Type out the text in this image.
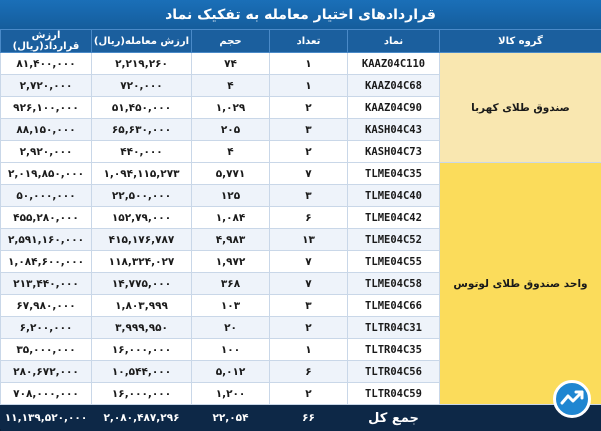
قراردادهای اختیار معامله به تفکیک نماد
گروه کالا	نماد	تعداد	حجم	ارزش معامله(ریال)	ارزش قرارداد(ریال)
صندوق طلای کهربا	KAAZ04C110	۱	۷۴	۲,۲۱۹,۲۶۰	۸۱,۴۰۰,۰۰۰
	KAAZ04C68	۱	۴	۷۲۰,۰۰۰	۲,۷۲۰,۰۰۰
	KAAZ04C90	۲	۱,۰۲۹	۵۱,۴۵۰,۰۰۰	۹۲۶,۱۰۰,۰۰۰
	KASH04C43	۳	۲۰۵	۶۵,۶۳۰,۰۰۰	۸۸,۱۵۰,۰۰۰
	KASH04C73	۲	۴	۴۴۰,۰۰۰	۲,۹۲۰,۰۰۰
واحد صندوق طلای لوتوس	TLME04C35	۷	۵,۷۷۱	۱,۰۹۴,۱۱۵,۲۷۳	۲,۰۱۹,۸۵۰,۰۰۰
	TLME04C40	۳	۱۲۵	۲۲,۵۰۰,۰۰۰	۵۰,۰۰۰,۰۰۰
	TLME04C42	۶	۱,۰۸۴	۱۵۲,۷۹,۰۰۰	۴۵۵,۲۸۰,۰۰۰
	TLME04C52	۱۳	۴,۹۸۳	۴۱۵,۱۷۶,۷۸۷	۲,۵۹۱,۱۶۰,۰۰۰
	TLME04C55	۷	۱,۹۷۲	۱۱۸,۳۲۴,۰۲۷	۱,۰۸۴,۶۰۰,۰۰۰
	TLME04C58	۷	۳۶۸	۱۴,۷۷۵,۰۰۰	۲۱۳,۴۴۰,۰۰۰
	TLME04C66	۳	۱۰۳	۱,۸۰۳,۹۹۹	۶۷,۹۸۰,۰۰۰
	TLTR04C31	۲	۲۰	۳,۹۹۹,۹۵۰	۶,۲۰۰,۰۰۰
	TLTR04C35	۱	۱۰۰	۱۶,۰۰۰,۰۰۰	۳۵,۰۰۰,۰۰۰
	TLTR04C56	۶	۵,۰۱۲	۱۰,۵۴۴,۰۰۰	۲۸۰,۶۷۲,۰۰۰
	TLTR04C59	۲	۱,۲۰۰	۱۶,۰۰۰,۰۰۰	۷۰۸,۰۰۰,۰۰۰
	جمع کل	۶۶	۲۲,۰۵۴	۲,۰۸۰,۴۸۷,۲۹۶	۱۱,۱۳۹,۵۲۰,۰۰۰
